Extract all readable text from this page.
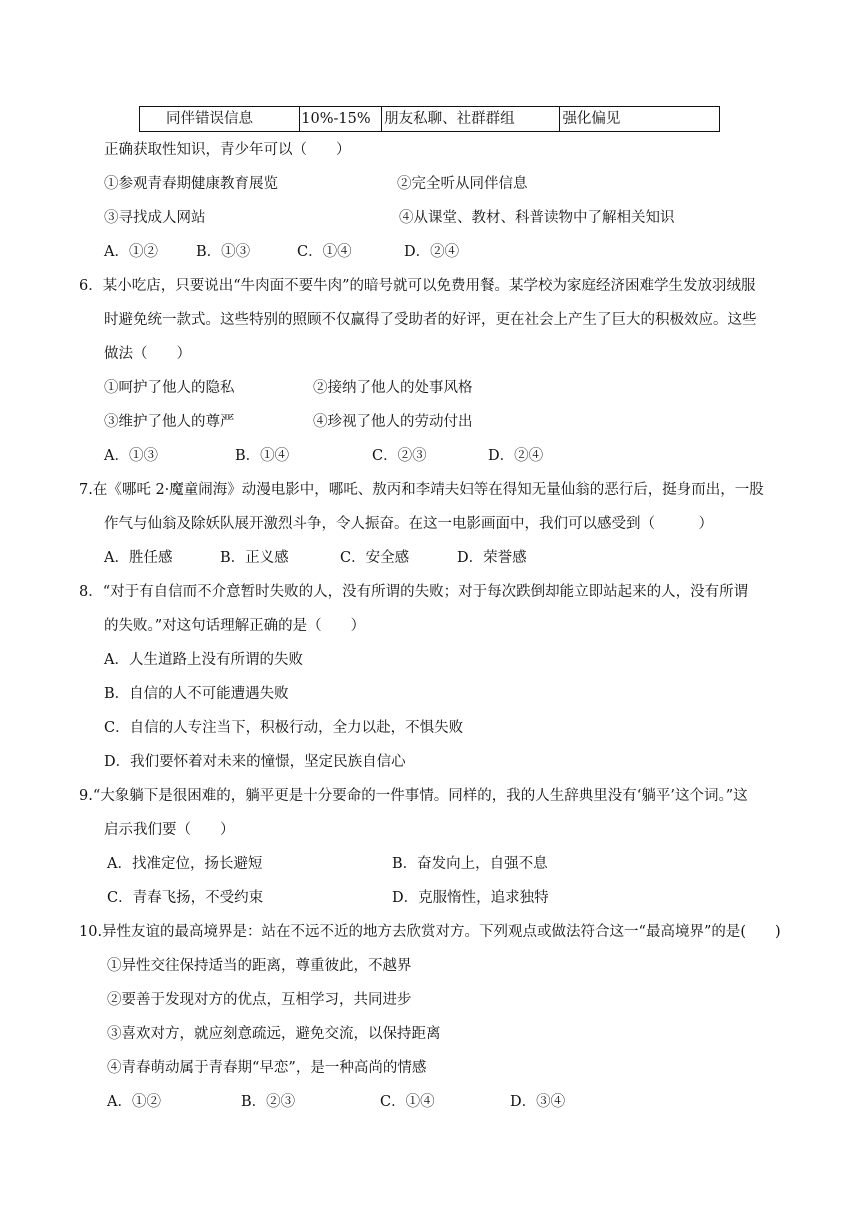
同伴错误信息	10%-15%	朋友私聊、社群群组	强化偏见
正确获取性知识，青少年可以（　　）
①参观青春期健康教育展览	②完全听从同伴信息
③寻找成人网站	④从课堂、教材、科普读物中了解相关知识
A．①②	B．①③	C．①④	D．②④
6．某小吃店，只要说出“牛肉面不要牛肉”的暗号就可以免费用餐。某学校为家庭经济困难学生发放羽绒服
时避免统一款式。这些特别的照顾不仅赢得了受助者的好评，更在社会上产生了巨大的积极效应。这些
做法（　　）
①呵护了他人的隐私	②接纳了他人的处事风格
③维护了他人的尊严	④珍视了他人的劳动付出
A．①③	B．①④	C．②③	D．②④
7.在《哪吒 2·魔童闹海》动漫电影中，哪吒、敖丙和李靖夫妇等在得知无量仙翁的恶行后，挺身而出，一股
作气与仙翁及除妖队展开激烈斗争，令人振奋。在这一电影画面中，我们可以感受到（　　　）
A．胜任感	B．正义感	C．安全感	D．荣誉感
8．“对于有自信而不介意暂时失败的人，没有所谓的失败；对于每次跌倒却能立即站起来的人，没有所谓
的失败。”对这句话理解正确的是（　　）
A．人生道路上没有所谓的失败
B．自信的人不可能遭遇失败
C．自信的人专注当下，积极行动，全力以赴，不惧失败
D．我们要怀着对未来的憧憬，坚定民族自信心
9.“大象躺下是很困难的，躺平更是十分要命的一件事情。同样的，我的人生辞典里没有‘躺平’这个词。”这
启示我们要（　　）
A．找准定位，扬长避短	B．奋发向上，自强不息
C．青春飞扬，不受约束	D．克服惰性，追求独特
10.异性友谊的最高境界是：站在不远不近的地方去欣赏对方。下列观点或做法符合这一“最高境界”的是(　　)
①异性交往保持适当的距离，尊重彼此，不越界
②要善于发现对方的优点，互相学习，共同进步
③喜欢对方，就应刻意疏远，避免交流，以保持距离
④青春萌动属于青春期“早恋”，是一种高尚的情感
A．①②	B．②③	C．①④	D．③④
